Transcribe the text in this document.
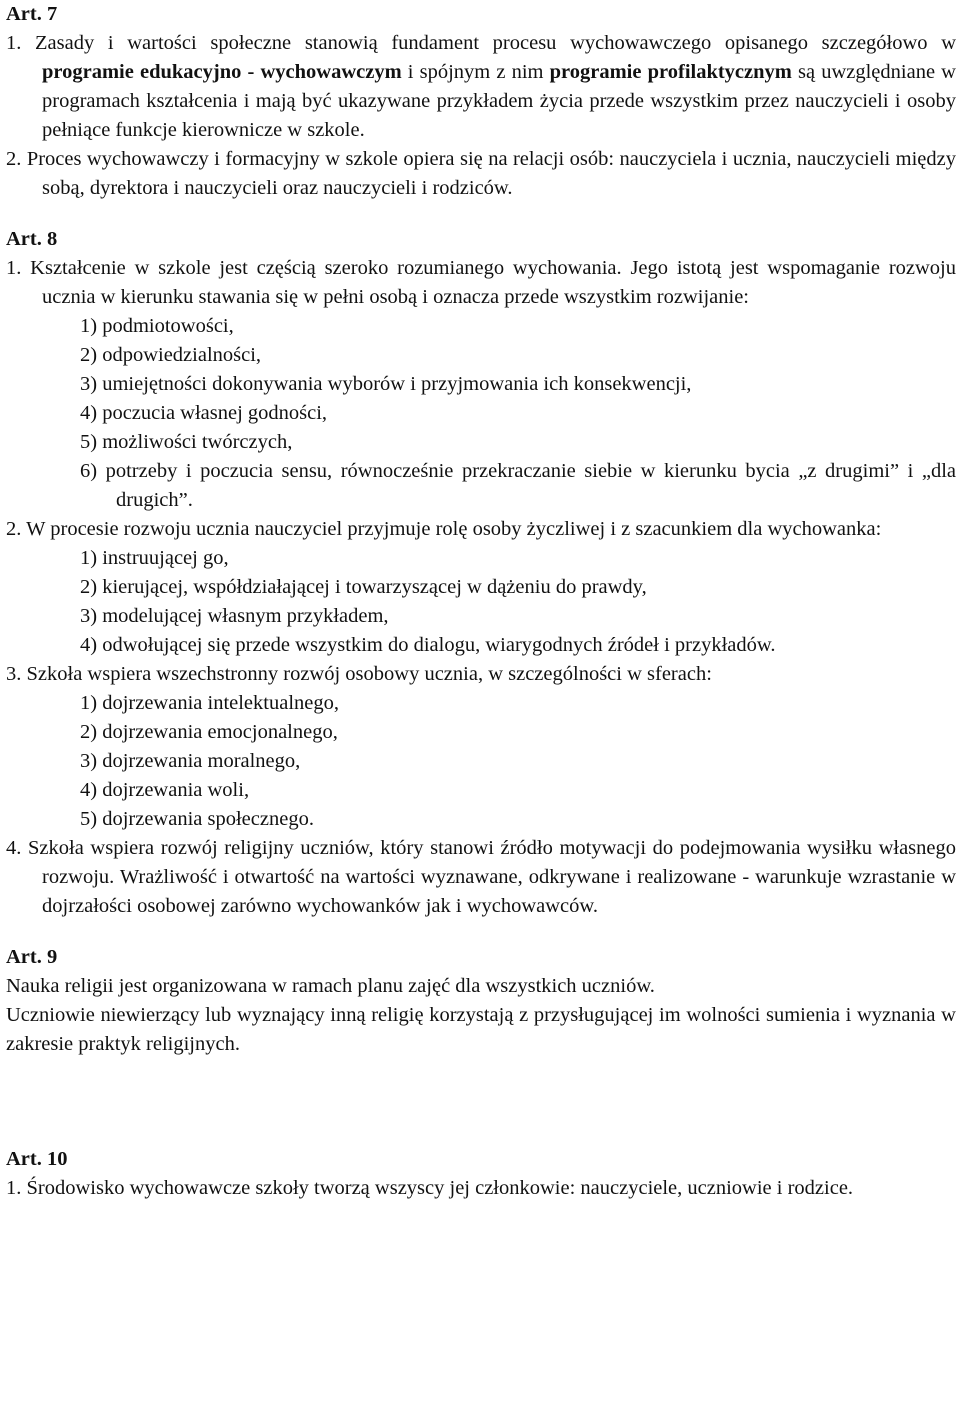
Art. 7

1. Zasady i wartości społeczne stanowią fundament procesu wychowawczego opisanego szczegółowo w programie edukacyjno - wychowawczym i spójnym z nim programie profilaktycznym są uwzględniane w programach kształcenia i mają być ukazywane przykładem życia przede wszystkim przez nauczycieli i osoby pełniące funkcje kierownicze w szkole.

2. Proces wychowawczy i formacyjny w szkole opiera się na relacji osób: nauczyciela i ucznia, nauczycieli między sobą, dyrektora i nauczycieli oraz nauczycieli i rodziców.

Art. 8

1. Kształcenie w szkole jest częścią szeroko rozumianego wychowania. Jego istotą jest wspomaganie rozwoju ucznia w kierunku stawania się w pełni osobą i oznacza przede wszystkim rozwijanie:

1) podmiotowości,

2) odpowiedzialności,

3) umiejętności dokonywania wyborów i przyjmowania ich konsekwencji,

4) poczucia własnej godności,

5) możliwości twórczych,

6) potrzeby i poczucia sensu, równocześnie przekraczanie siebie w kierunku bycia „z drugimi” i „dla drugich”.

2. W procesie rozwoju ucznia nauczyciel przyjmuje rolę osoby życzliwej i z szacunkiem dla wychowanka:

1) instruującej go,

2) kierującej, współdziałającej i towarzyszącej w dążeniu do prawdy,

3) modelującej własnym przykładem,

4) odwołującej się przede wszystkim do dialogu, wiarygodnych źródeł i przykładów.

3. Szkoła wspiera wszechstronny rozwój osobowy ucznia, w szczególności w sferach:

1) dojrzewania intelektualnego,

2) dojrzewania emocjonalnego,

3) dojrzewania moralnego,

4) dojrzewania woli,

5) dojrzewania społecznego.

4. Szkoła wspiera rozwój religijny uczniów, który stanowi źródło motywacji do podejmowania wysiłku własnego rozwoju. Wrażliwość i otwartość na wartości wyznawane, odkrywane i realizowane - warunkuje wzrastanie w dojrzałości osobowej zarówno wychowanków jak i wychowawców.

Art. 9

Nauka religii jest organizowana w ramach planu zajęć dla wszystkich uczniów.

Uczniowie niewierzący lub wyznający inną religię korzystają z przysługującej im wolności sumienia i wyznania w zakresie praktyk religijnych.

Art. 10

1. Środowisko wychowawcze szkoły tworzą wszyscy jej członkowie: nauczyciele, uczniowie i rodzice.
